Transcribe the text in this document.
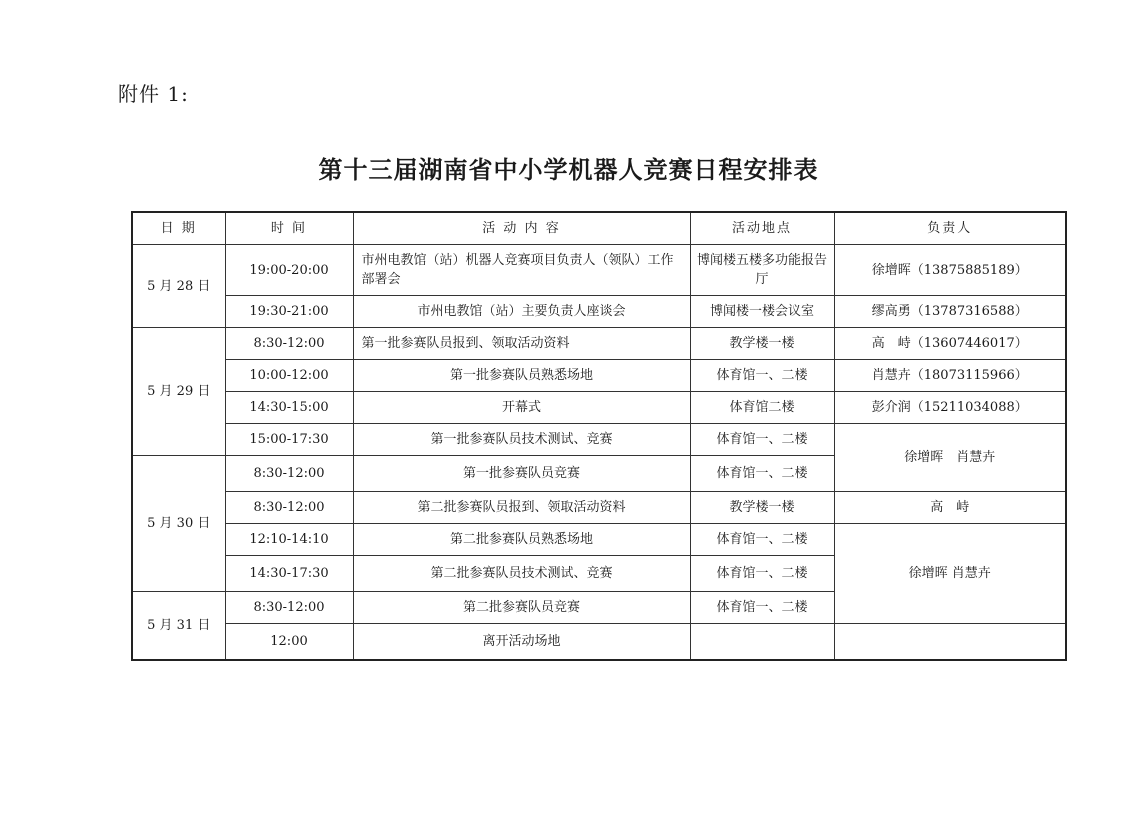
附件 1:
第十三届湖南省中小学机器人竞赛日程安排表
日 期	时 间	活 动 内 容	活动地点	负责人
5 月 28 日	19:00-20:00	市州电教馆（站）机器人竞赛项目负责人（领队）工作部署会	博闻楼五楼多功能报告厅	徐增晖（13875885189）
	19:30-21:00	市州电教馆（站）主要负责人座谈会	博闻楼一楼会议室	缪高勇（13787316588）
5 月 29 日	8:30-12:00	第一批参赛队员报到、领取活动资料	教学楼一楼	高　峙（13607446017）
	10:00-12:00	第一批参赛队员熟悉场地	体育馆一、二楼	肖慧卉（18073115966）
	14:30-15:00	开幕式	体育馆二楼	彭介润（15211034088）
	15:00-17:30	第一批参赛队员技术测试、竞赛	体育馆一、二楼	徐增晖　肖慧卉
5 月 30 日	8:30-12:00	第一批参赛队员竞赛	体育馆一、二楼	
	8:30-12:00	第二批参赛队员报到、领取活动资料	教学楼一楼	高　峙
	12:10-14:10	第二批参赛队员熟悉场地	体育馆一、二楼	徐增晖 肖慧卉
	14:30-17:30	第二批参赛队员技术测试、竞赛	体育馆一、二楼	
5 月 31 日	8:30-12:00	第二批参赛队员竞赛	体育馆一、二楼	
	12:00	离开活动场地		
